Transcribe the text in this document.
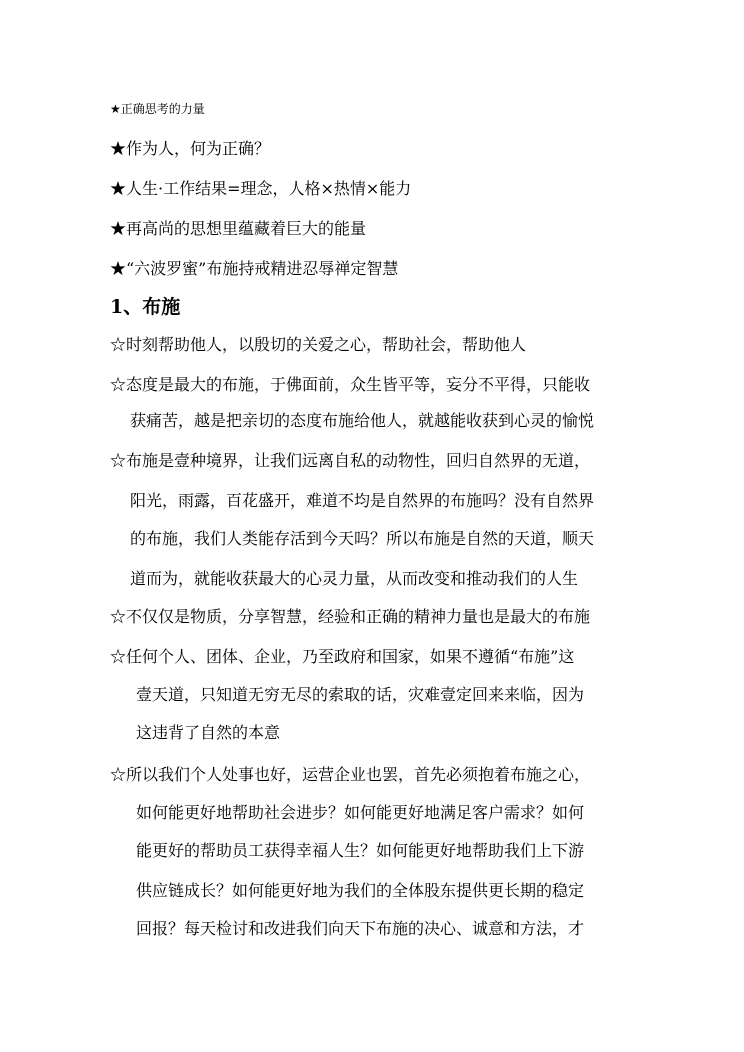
★正确思考的力量
★作为人，何为正确？
★人生·工作结果=理念，人格×热情×能力
★再高尚的思想里蕴藏着巨大的能量
★“六波罗蜜”布施持戒精进忍辱禅定智慧
1、布施
☆时刻帮助他人，以殷切的关爱之心，帮助社会，帮助他人
☆态度是最大的布施，于佛面前，众生皆平等，妄分不平得，只能收
获痛苦，越是把亲切的态度布施给他人，就越能收获到心灵的愉悦
☆布施是壹种境界，让我们远离自私的动物性，回归自然界的无道，
阳光，雨露，百花盛开，难道不均是自然界的布施吗？没有自然界
的布施，我们人类能存活到今天吗？所以布施是自然的天道，顺天
道而为，就能收获最大的心灵力量，从而改变和推动我们的人生
☆不仅仅是物质，分享智慧，经验和正确的精神力量也是最大的布施
☆任何个人、团体、企业，乃至政府和国家，如果不遵循“布施”这
壹天道，只知道无穷无尽的索取的话，灾难壹定回来来临，因为
这违背了自然的本意
☆所以我们个人处事也好，运营企业也罢，首先必须抱着布施之心，
如何能更好地帮助社会进步？如何能更好地满足客户需求？如何
能更好的帮助员工获得幸福人生？如何能更好地帮助我们上下游
供应链成长？如何能更好地为我们的全体股东提供更长期的稳定
回报？每天检讨和改进我们向天下布施的决心、诚意和方法，才
